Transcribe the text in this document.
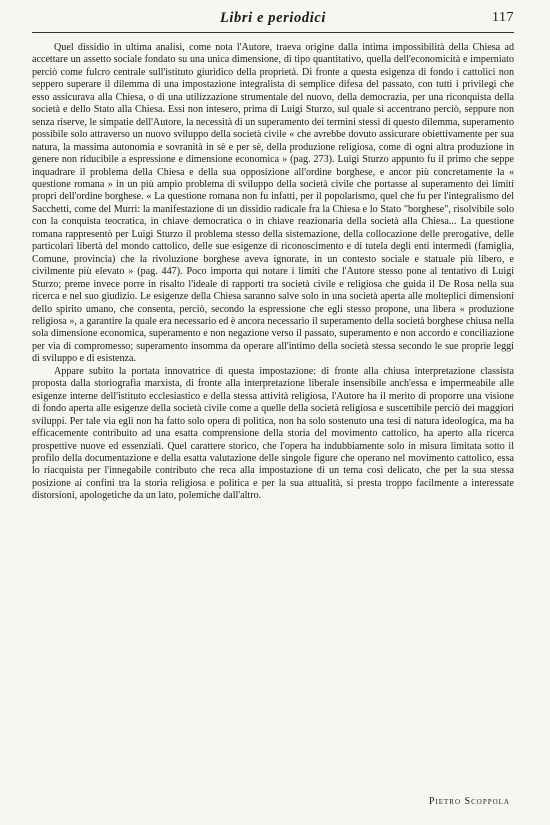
Libri e periodici	117

Quel dissidio in ultima analisi, come nota l'Autore, traeva origine dalla intima impossibilità della Chiesa ad accettare un assetto sociale fondato su una unica dimensione, di tipo quantitativo, quella dell'economicità e imperniato perciò come fulcro centrale sull'istituto giuridico della proprietà. Di fronte a questa esigenza di fondo i cattolici non seppero superare il dilemma di una impostazione integralista di semplice difesa del passato, con tutti i privilegi che esso assicurava alla Chiesa, o di una utilizzazione strumentale del nuovo, della democrazia, per una riconquista della società e dello Stato alla Chiesa. Essi non intesero, prima di Luigi Sturzo, sul quale si accentrano perciò, seppure non senza riserve, le simpatie dell'Autore, la necessità di un superamento dei termini stessi di questo dilemma, superamento possibile solo attraverso un nuovo sviluppo della società civile « che avrebbe dovuto assicurare obiettivamente per sua natura, la massima autonomia e sovranità in sè e per sè, della produzione religiosa, come di ogni altra produzione in genere non riducibile a espressione e dimensione economica » (pag. 273). Luigi Sturzo appunto fu il primo che seppe inquadrare il problema della Chiesa e della sua opposizione all'ordine borghese, e ancor più concretamente la « questione romana » in un più ampio problema di sviluppo della società civile che portasse al superamento dei limiti propri dell'ordine borghese. « La questione romana non fu infatti, per il popolarismo, quel che fu per l'integralismo del Sacchetti, come del Murri: la manifestazione di un dissidio radicale fra la Chiesa e lo Stato "borghese", risolvibile solo con la conquista teocratica, in chiave democratica o in chiave reazionaria della società alla Chiesa... La questione romana rappresentò per Luigi Sturzo il problema stesso della sistemazione, della collocazione delle prerogative, delle particolari libertà del mondo cattolico, delle sue esigenze di riconoscimento e di tutela degli enti intermedi (famiglia, Comune, provincia) che la rivoluzione borghese aveva ignorate, in un contesto sociale e statuale più libero, e civilmente più elevato » (pag. 447). Poco importa qui notare i limiti che l'Autore stesso pone al tentativo di Luigi Sturzo; preme invece porre in risalto l'ideale di rapporti tra società civile e religiosa che guida il De Rosa nella sua ricerca e nel suo giudizio. Le esigenze della Chiesa saranno salve solo in una società aperta alle molteplici dimensioni dello spirito umano, che consenta, perciò, secondo la espressione che egli stesso propone, una libera « produzione religiosa », a garantire la quale era necessario ed è ancora necessario il superamento della società borghese chiusa nella sola dimensione economica, superamento e non negazione verso il passato, superamento e non accordo e conciliazione per via di compromesso; superamento insomma da operare all'intimo della società stessa secondo le sue proprie leggi di sviluppo e di esistenza.

Appare subito la portata innovatrice di questa impostazione: di fronte alla chiusa interpretazione classista proposta dalla storiografia marxista, di fronte alla interpretazione liberale insensibile anch'essa e impermeabile alle esigenze interne dell'istituto ecclesiastico e della stessa attività religiosa, l'Autore ha il merito di proporre una visione di fondo aperta alle esigenze della società civile come a quelle della società religiosa e suscettibile perciò dei maggiori sviluppi. Per tale via egli non ha fatto solo opera di politica, non ha solo sostenuto una tesi di natura ideologica, ma ha efficacemente contribuito ad una esatta comprensione della storia del movimento cattolico, ha aperto alla ricerca prospettive nuove ed essenziali. Quel carattere storico, che l'opera ha indubbiamente solo in misura limitata sotto il profilo della documentazione e della esatta valutazione delle singole figure che operano nel movimento cattolico, essa lo riacquista per l'innegabile contributo che reca alla impostazione di un tema così delicato, che per la sua stessa posizione ai confini tra la storia religiosa e politica e per la sua attualità, si presta troppo facilmente a interessate distorsioni, apologetiche da un lato, polemiche dall'altro.

Pietro Scoppola
